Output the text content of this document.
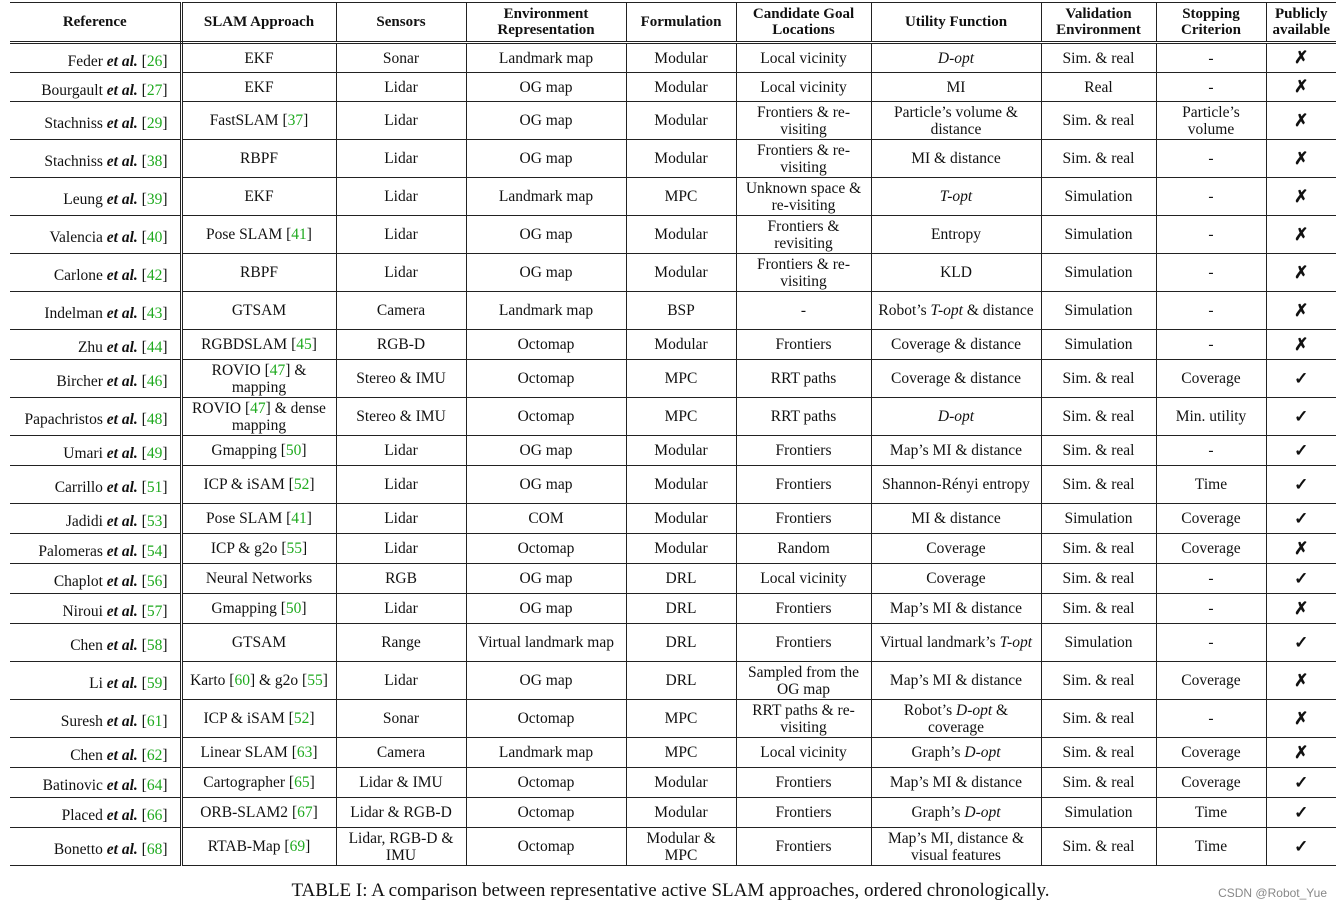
Reference	SLAM Approach	Sensors	Environment Representation	Formulation	Candidate Goal Locations	Utility Function	Validation Environment	Stopping Criterion	Publicly available
Feder et al. [26]	EKF	Sonar	Landmark map	Modular	Local vicinity	D-opt	Sim. & real	-	✗
Bourgault et al. [27]	EKF	Lidar	OG map	Modular	Local vicinity	MI	Real	-	✗
Stachniss et al. [29]	FastSLAM [37]	Lidar	OG map	Modular	Frontiers & re-visiting	Particle’s volume & distance	Sim. & real	Particle’s volume	✗
Stachniss et al. [38]	RBPF	Lidar	OG map	Modular	Frontiers & re-visiting	MI & distance	Sim. & real	-	✗
Leung et al. [39]	EKF	Lidar	Landmark map	MPC	Unknown space & re-visiting	T-opt	Simulation	-	✗
Valencia et al. [40]	Pose SLAM [41]	Lidar	OG map	Modular	Frontiers & revisiting	Entropy	Simulation	-	✗
Carlone et al. [42]	RBPF	Lidar	OG map	Modular	Frontiers & re-visiting	KLD	Simulation	-	✗
Indelman et al. [43]	GTSAM	Camera	Landmark map	BSP	-	Robot’s T-opt & distance	Simulation	-	✗
Zhu et al. [44]	RGBDSLAM [45]	RGB-D	Octomap	Modular	Frontiers	Coverage & distance	Simulation	-	✗
Bircher et al. [46]	ROVIO [47] & mapping	Stereo & IMU	Octomap	MPC	RRT paths	Coverage & distance	Sim. & real	Coverage	✓
Papachristos et al. [48]	ROVIO [47] & dense mapping	Stereo & IMU	Octomap	MPC	RRT paths	D-opt	Sim. & real	Min. utility	✓
Umari et al. [49]	Gmapping [50]	Lidar	OG map	Modular	Frontiers	Map’s MI & distance	Sim. & real	-	✓
Carrillo et al. [51]	ICP & iSAM [52]	Lidar	OG map	Modular	Frontiers	Shannon-Rényi entropy	Sim. & real	Time	✓
Jadidi et al. [53]	Pose SLAM [41]	Lidar	COM	Modular	Frontiers	MI & distance	Simulation	Coverage	✓
Palomeras et al. [54]	ICP & g2o [55]	Lidar	Octomap	Modular	Random	Coverage	Sim. & real	Coverage	✗
Chaplot et al. [56]	Neural Networks	RGB	OG map	DRL	Local vicinity	Coverage	Sim. & real	-	✓
Niroui et al. [57]	Gmapping [50]	Lidar	OG map	DRL	Frontiers	Map’s MI & distance	Sim. & real	-	✗
Chen et al. [58]	GTSAM	Range	Virtual landmark map	DRL	Frontiers	Virtual landmark’s T-opt	Simulation	-	✓
Li et al. [59]	Karto [60] & g2o [55]	Lidar	OG map	DRL	Sampled from the OG map	Map’s MI & distance	Sim. & real	Coverage	✗
Suresh et al. [61]	ICP & iSAM [52]	Sonar	Octomap	MPC	RRT paths & re-visiting	Robot’s D-opt & coverage	Sim. & real	-	✗
Chen et al. [62]	Linear SLAM [63]	Camera	Landmark map	MPC	Local vicinity	Graph’s D-opt	Sim. & real	Coverage	✗
Batinovic et al. [64]	Cartographer [65]	Lidar & IMU	Octomap	Modular	Frontiers	Map’s MI & distance	Sim. & real	Coverage	✓
Placed et al. [66]	ORB-SLAM2 [67]	Lidar & RGB-D	Octomap	Modular	Frontiers	Graph’s D-opt	Simulation	Time	✓
Bonetto et al. [68]	RTAB-Map [69]	Lidar, RGB-D & IMU	Octomap	Modular & MPC	Frontiers	Map’s MI, distance & visual features	Sim. & real	Time	✓
TABLE I: A comparison between representative active SLAM approaches, ordered chronologically.	CSDN @Robot_Yue
